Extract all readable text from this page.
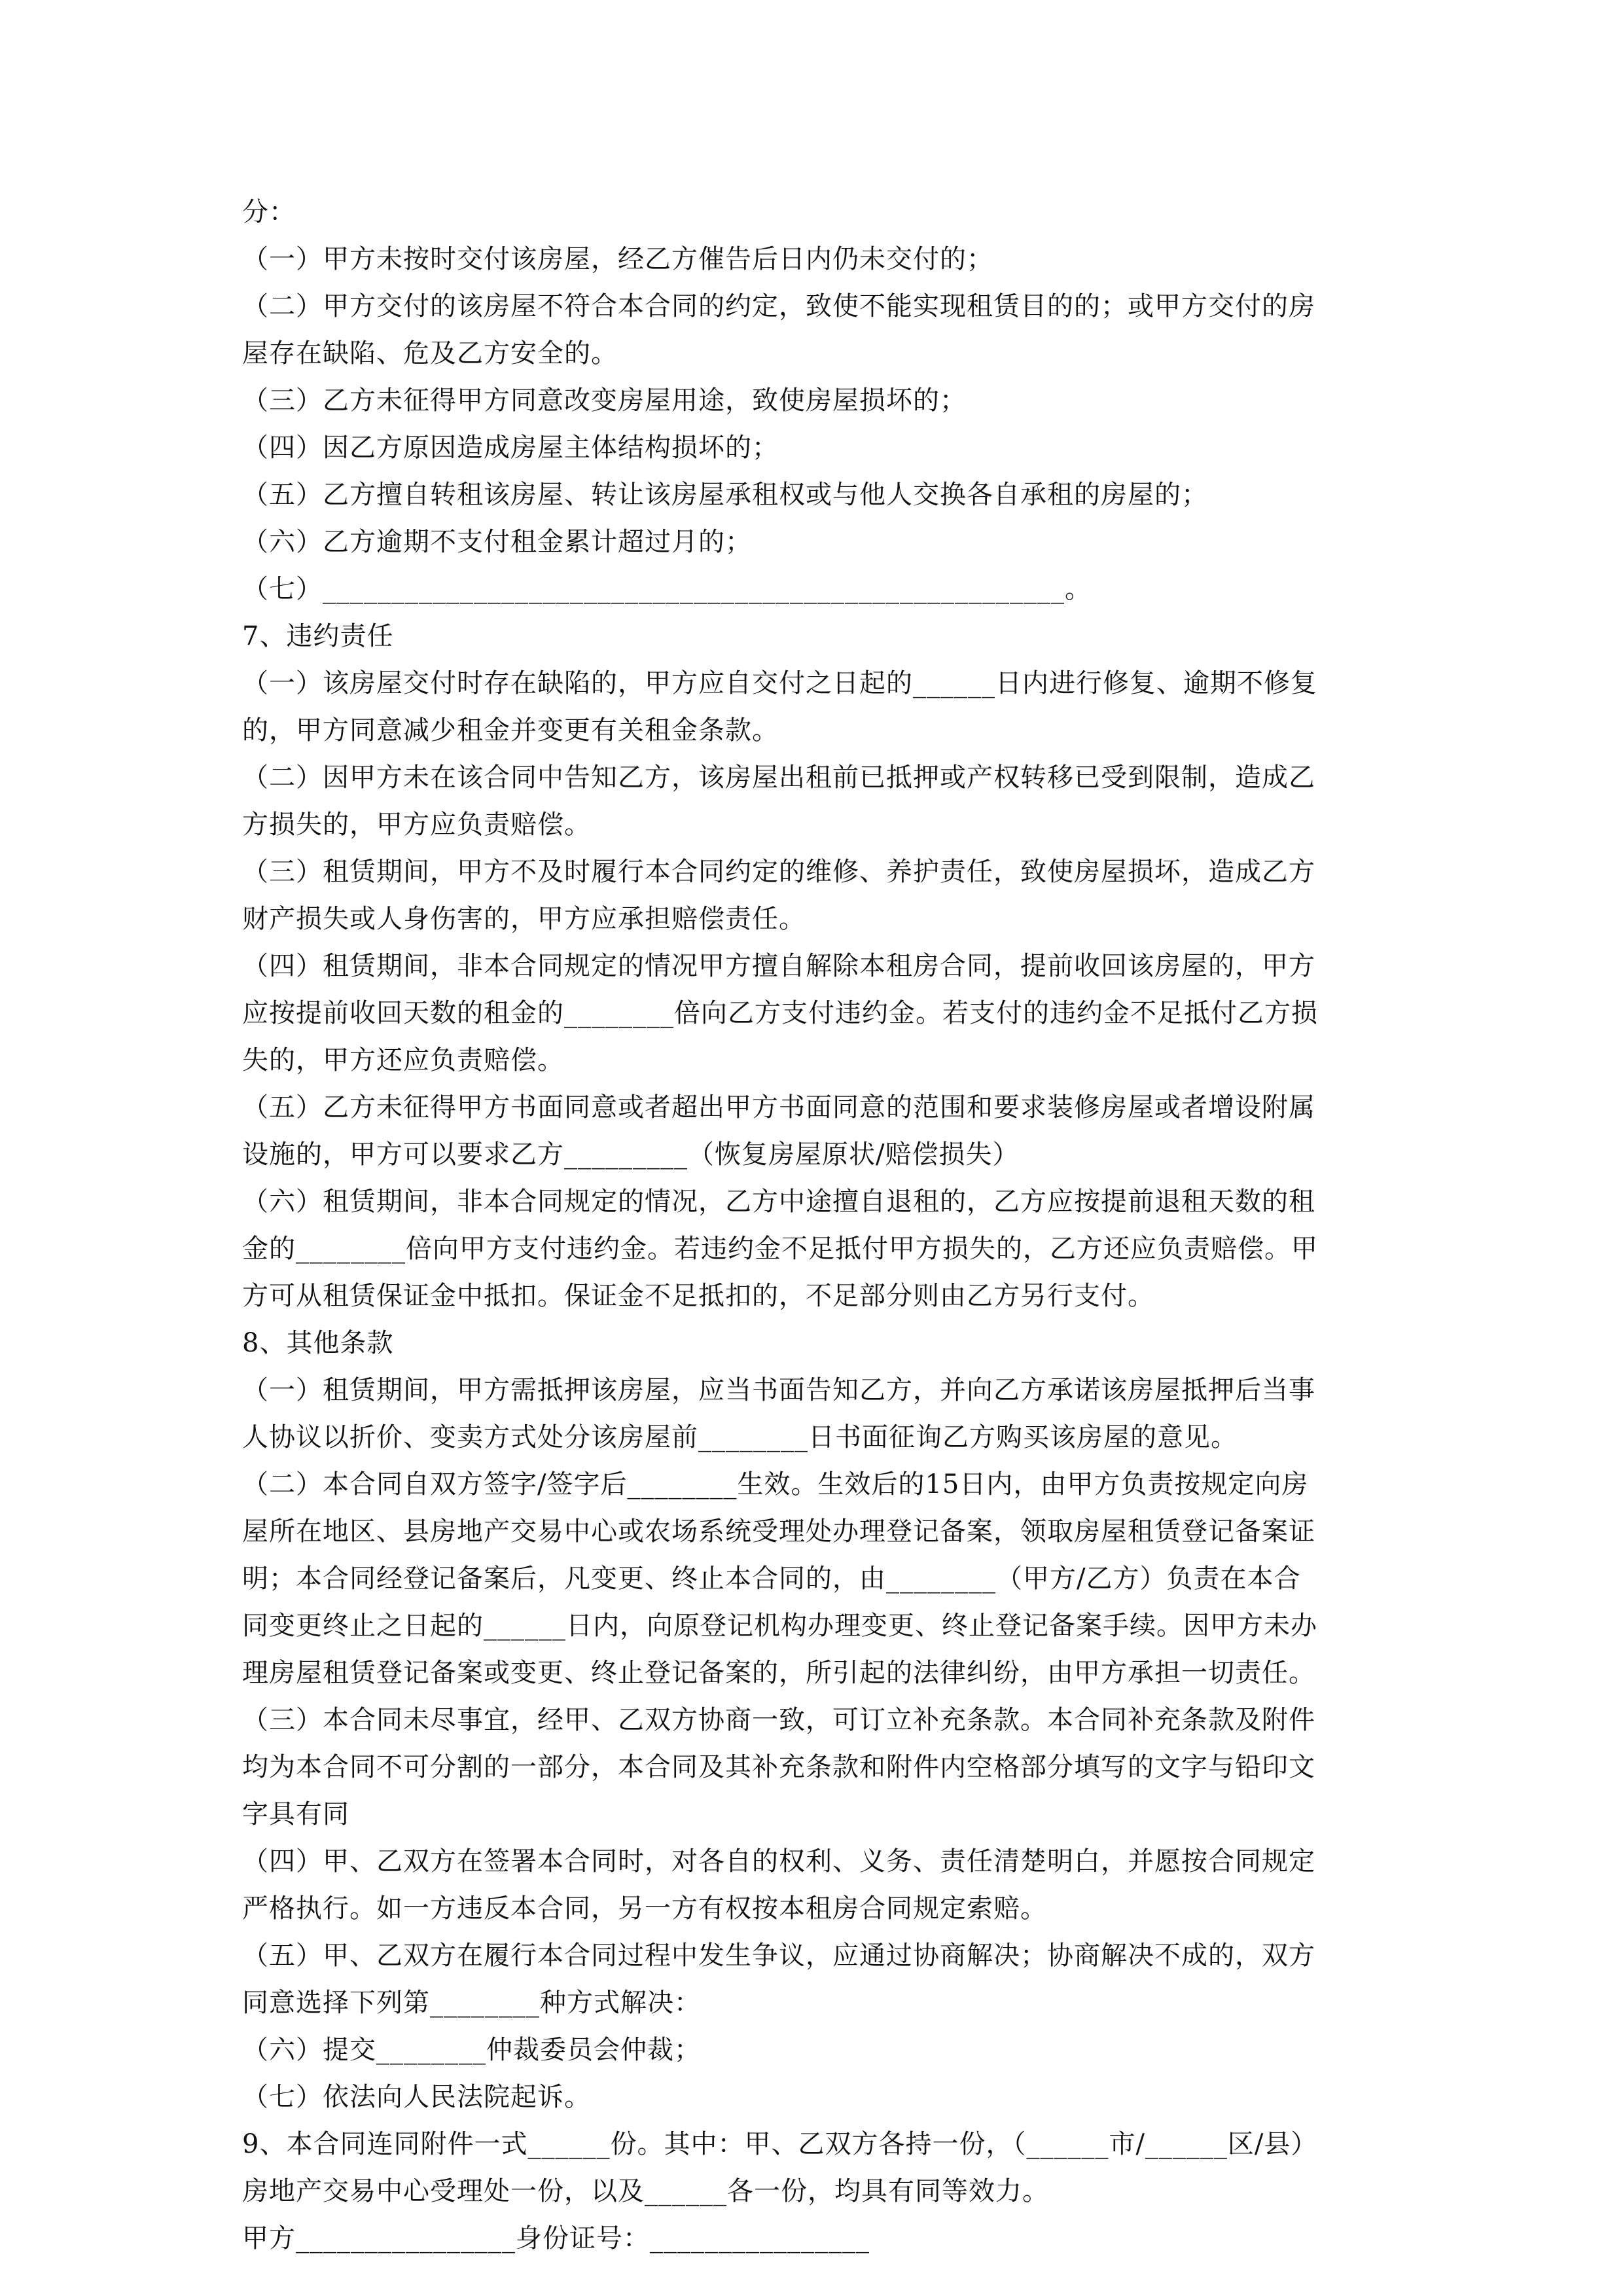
分：
（一）甲方未按时交付该房屋，经乙方催告后日内仍未交付的；
（二）甲方交付的该房屋不符合本合同的约定，致使不能实现租赁目的的；或甲方交付的房
屋存在缺陷、危及乙方安全的。
（三）乙方未征得甲方同意改变房屋用途，致使房屋损坏的；
（四）因乙方原因造成房屋主体结构损坏的；
（五）乙方擅自转租该房屋、转让该房屋承租权或与他人交换各自承租的房屋的；
（六）乙方逾期不支付租金累计超过月的；
（七）______________________________________________________。
7、违约责任
（一）该房屋交付时存在缺陷的，甲方应自交付之日起的______日内进行修复、逾期不修复
的，甲方同意减少租金并变更有关租金条款。
（二）因甲方未在该合同中告知乙方，该房屋出租前已抵押或产权转移已受到限制，造成乙
方损失的，甲方应负责赔偿。
（三）租赁期间，甲方不及时履行本合同约定的维修、养护责任，致使房屋损坏，造成乙方
财产损失或人身伤害的，甲方应承担赔偿责任。
（四）租赁期间，非本合同规定的情况甲方擅自解除本租房合同，提前收回该房屋的，甲方
应按提前收回天数的租金的________倍向乙方支付违约金。若支付的违约金不足抵付乙方损
失的，甲方还应负责赔偿。
（五）乙方未征得甲方书面同意或者超出甲方书面同意的范围和要求装修房屋或者增设附属
设施的，甲方可以要求乙方_________（恢复房屋原状/赔偿损失）
（六）租赁期间，非本合同规定的情况，乙方中途擅自退租的，乙方应按提前退租天数的租
金的________倍向甲方支付违约金。若违约金不足抵付甲方损失的，乙方还应负责赔偿。甲
方可从租赁保证金中抵扣。保证金不足抵扣的，不足部分则由乙方另行支付。
8、其他条款
（一）租赁期间，甲方需抵押该房屋，应当书面告知乙方，并向乙方承诺该房屋抵押后当事
人协议以折价、变卖方式处分该房屋前________日书面征询乙方购买该房屋的意见。
（二）本合同自双方签字/签字后________生效。生效后的15日内，由甲方负责按规定向房
屋所在地区、县房地产交易中心或农场系统受理处办理登记备案，领取房屋租赁登记备案证
明；本合同经登记备案后，凡变更、终止本合同的，由________（甲方/乙方）负责在本合
同变更终止之日起的______日内，向原登记机构办理变更、终止登记备案手续。因甲方未办
理房屋租赁登记备案或变更、终止登记备案的，所引起的法律纠纷，由甲方承担一切责任。
（三）本合同未尽事宜，经甲、乙双方协商一致，可订立补充条款。本合同补充条款及附件
均为本合同不可分割的一部分，本合同及其补充条款和附件内空格部分填写的文字与铅印文
字具有同
（四）甲、乙双方在签署本合同时，对各自的权利、义务、责任清楚明白，并愿按合同规定
严格执行。如一方违反本合同，另一方有权按本租房合同规定索赔。
（五）甲、乙双方在履行本合同过程中发生争议，应通过协商解决；协商解决不成的，双方
同意选择下列第________种方式解决：
（六）提交________仲裁委员会仲裁；
（七）依法向人民法院起诉。
9、本合同连同附件一式______份。其中：甲、乙双方各持一份，（______市/______区/县）
房地产交易中心受理处一份，以及______各一份，均具有同等效力。
甲方________________身份证号：________________
